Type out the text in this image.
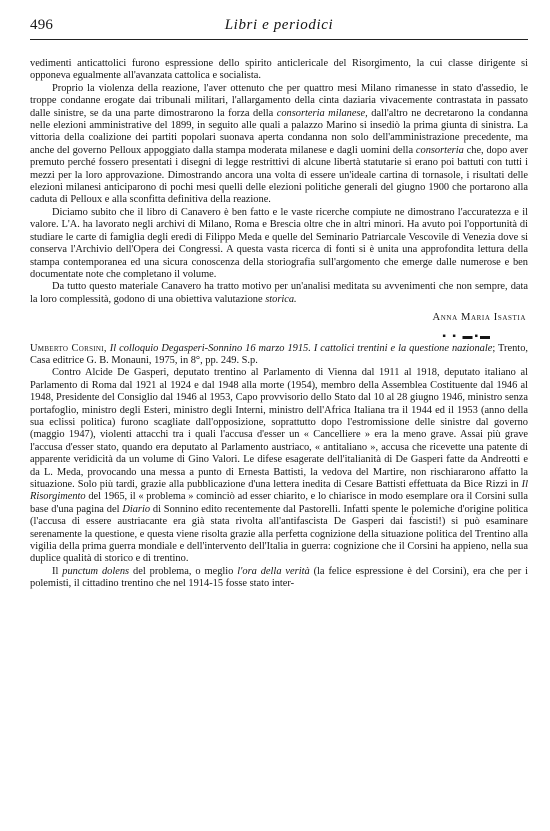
496	Libri e periodici

vedimenti anticattolici furono espressione dello spirito anticlericale del Risorgimento, la cui classe dirigente si opponeva egualmente all'avanzata cattolica e socialista.

Proprio la violenza della reazione, l'aver ottenuto che per quattro mesi Milano rimanesse in stato d'assedio, le troppe condanne erogate dai tribunali militari, l'allargamento della cinta daziaria vivacemente contrastata in passato dalle sinistre, se da una parte dimostrarono la forza della consorteria milanese, dall'altro ne decretarono la condanna nelle elezioni amministrative del 1899, in seguito alle quali a palazzo Marino si insediò la prima giunta di sinistra. La vittoria della coalizione dei partiti popolari suonava aperta condanna non solo dell'amministrazione precedente, ma anche del governo Pelloux appoggiato dalla stampa moderata milanese e dagli uomini della consorteria che, dopo aver premuto perché fossero presentati i disegni di legge restrittivi di alcune libertà statutarie si erano poi battuti con tutti i mezzi per la loro approvazione. Dimostrando ancora una volta di essere un'ideale cartina di tornasole, i risultati delle elezioni milanesi anticiparono di pochi mesi quelli delle elezioni politiche generali del giugno 1900 che portarono alla caduta di Pelloux e alla sconfitta definitiva della reazione.

Diciamo subito che il libro di Canavero è ben fatto e le vaste ricerche compiute ne dimostrano l'accuratezza e il valore. L'A. ha lavorato negli archivi di Milano, Roma e Brescia oltre che in altri minori. Ha avuto poi l'opportunità di studiare le carte di famiglia degli eredi di Filippo Meda e quelle del Seminario Patriarcale Vescovile di Venezia dove si conserva l'Archivio dell'Opera dei Congressi. A questa vasta ricerca di fonti si è unita una approfondita lettura della stampa contemporanea ed una sicura conoscenza della storiografia sull'argomento che emerge dalle numerose e ben documentate note che completano il volume.

Da tutto questo materiale Canavero ha tratto motivo per un'analisi meditata su avvenimenti che non sempre, data la loro complessità, godono di una obiettiva valutazione storica.

Anna Maria Isastia
▪ ▪ ▬▪▬

Umberto Corsini, Il colloquio Degasperi-Sonnino 16 marzo 1915. I cattolici trentini e la questione nazionale; Trento, Casa editrice G. B. Monauni, 1975, in 8°, pp. 249. S.p.

Contro Alcide De Gasperi, deputato trentino al Parlamento di Vienna dal 1911 al 1918, deputato italiano al Parlamento di Roma dal 1921 al 1924 e dal 1948 alla morte (1954), membro della Assemblea Costituente dal 1946 al 1948, Presidente del Consiglio dal 1946 al 1953, Capo provvisorio dello Stato dal 10 al 28 giugno 1946, ministro senza portafoglio, ministro degli Esteri, ministro degli Interni, ministro dell'Africa Italiana tra il 1944 ed il 1953 (anno della sua eclissi politica) furono scagliate dall'opposizione, soprattutto dopo l'estromissione delle sinistre dal governo (maggio 1947), violenti attacchi tra i quali l'accusa d'esser un « Cancelliere » era la meno grave. Assai più grave l'accusa d'esser stato, quando era deputato al Parlamento austriaco, « antitaliano », accusa che ricevette una patente di apparente veridicità da un volume di Gino Valori. Le difese esagerate dell'italianità di De Gasperi fatte da Andreotti e da L. Meda, provocando una messa a punto di Ernesta Battisti, la vedova del Martire, non rischiararono affatto la situazione. Solo più tardi, grazie alla pubblicazione d'una lettera inedita di Cesare Battisti effettuata da Bice Rizzi in Il Risorgimento del 1965, il « problema » cominciò ad esser chiarito, e lo chiarisce in modo esemplare ora il Corsini sulla base d'una pagina del Diario di Sonnino edito recentemente dal Pastorelli. Infatti spente le polemiche d'origine politica (l'accusa di essere austriacante era già stata rivolta all'antifascista De Gasperi dai fascisti!) si può esaminare serenamente la questione, e questa viene risolta grazie alla perfetta cognizione della situazione politica del Trentino alla vigilia della prima guerra mondiale e dell'intervento dell'Italia in guerra: cognizione che il Corsini ha appieno, nella sua duplice qualità di storico e di trentino.

Il punctum dolens del problema, o meglio l'ora della verità (la felice espressione è del Corsini), era che per i polemisti, il cittadino trentino che nel 1914-15 fosse stato inter-
